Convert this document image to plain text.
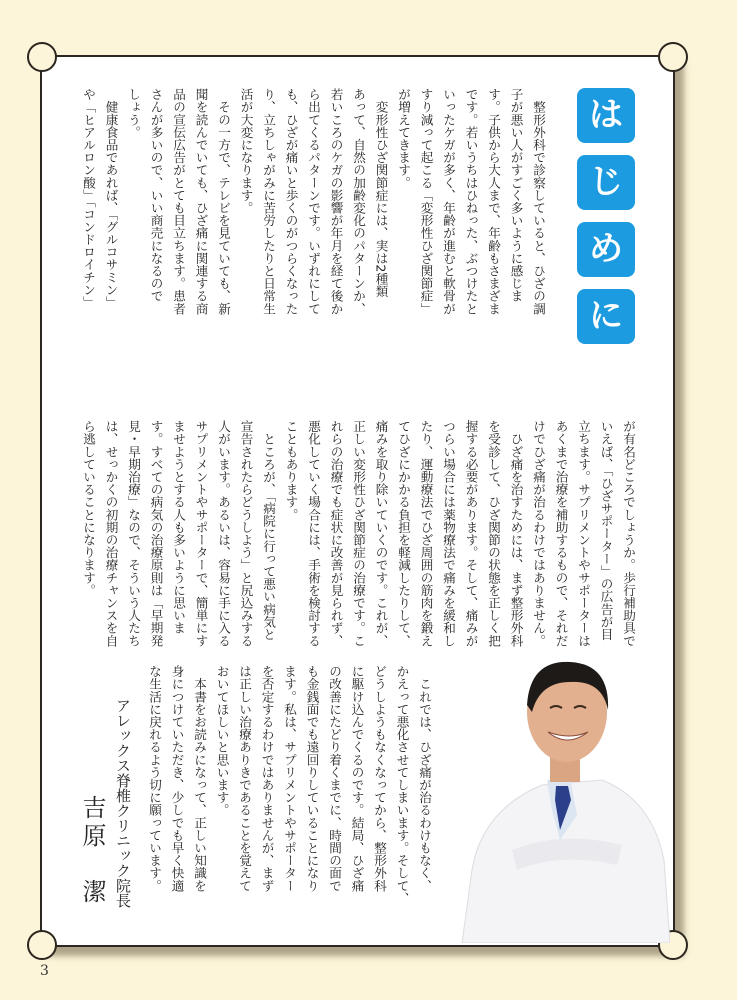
は
じ
め
に
　整形外科で診察していると、ひざの調
子が悪い人がすごく多いように感じま
す。子供から大人まで、年齢もさまざま
です。若いうちはひねった、ぶつけたと
いったケガが多く、年齢が進むと軟骨が
すり減って起こる「変形性ひざ関節症」
が増えてきます。
　変形性ひざ関節症には、実は2種類
あって、自然の加齢変化のパターンか、
若いころのケガの影響が年月を経て後か
ら出てくるパターンです。いずれにして
も、ひざが痛いと歩くのがつらくなった
り、立ちしゃがみに苦労したりと日常生
活が大変になります。
　その一方で、テレビを見ていても、新
聞を読んでいても、ひざ痛に関連する商
品の宣伝広告がとても目立ちます。患者
さんが多いので、いい商売になるので
しょう。
　健康食品であれば、「グルコサミン」
や「ヒアルロン酸」「コンドロイチン」
が有名どころでしょうか。歩行補助具で
いえば、「ひざサポーター」の広告が目
立ちます。サプリメントやサポーターは
あくまで治療を補助するもので、それだ
けでひざ痛が治るわけではありません。
　ひざ痛を治すためには、まず整形外科
を受診して、ひざ関節の状態を正しく把
握する必要があります。そして、痛みが
つらい場合には薬物療法で痛みを緩和し
たり、運動療法でひざ周囲の筋肉を鍛え
てひざにかかる負担を軽減したりして、
痛みを取り除いていくのです。これが、
正しい変形性ひざ関節症の治療です。こ
れらの治療でも症状に改善が見られず、
悪化していく場合には、手術を検討する
こともあります。
　ところが、「病院に行って悪い病気と
宣告されたらどうしよう」と尻込みする
人がいます。あるいは、容易に手に入る
サプリメントやサポーターで、簡単にす
ませようとする人も多いように思いま
す。すべての病気の治療原則は「早期発
見・早期治療」なので、そういう人たち
は、せっかくの初期の治療チャンスを自
ら逃していることになります。
　これでは、ひざ痛が治るわけもなく、
かえって悪化させてしまいます。そして、
どうしようもなくなってから、整形外科
に駆け込んでくるのです。結局、ひざ痛
の改善にたどり着くまでに、時間の面で
も金銭面でも遠回りしていることになり
ます。私は、サプリメントやサポーター
を否定するわけではありませんが、まず
は正しい治療ありきであることを覚えて
おいてほしいと思います。
　本書をお読みになって、正しい知識を
身につけていただき、少しでも早く快適
な生活に戻れるよう切に願っています。
アレックス脊椎クリニック院長
吉原　潔
3
